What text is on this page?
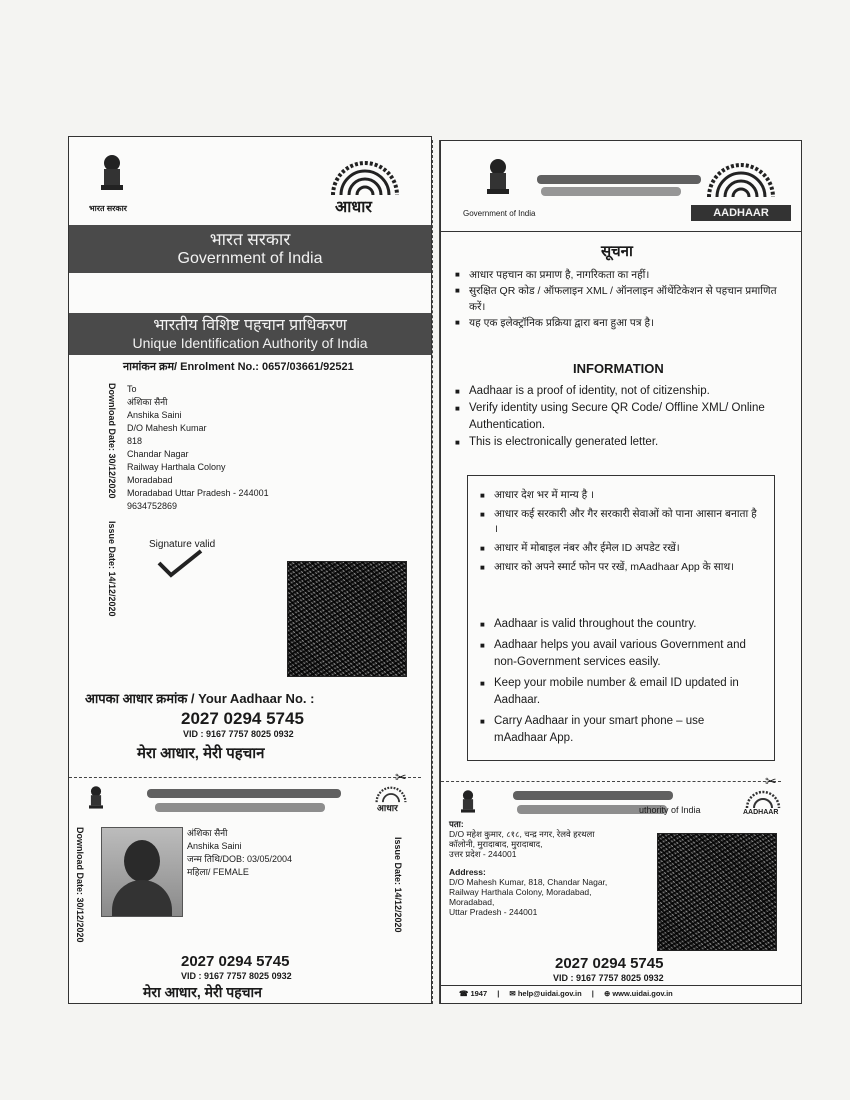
भारत सरकार	आधार
भारत सरकार
Government of India
भारतीय विशिष्ट पहचान प्राधिकरण
Unique Identification Authority of India
नामांकन क्रम/ Enrolment No.: 0657/03661/92521
Download Date: 30/12/2020
Issue Date: 14/12/2020
To
अंशिका सैनी
Anshika Saini
D/O Mahesh Kumar
818
Chandar Nagar
Railway Harthala Colony
Moradabad
Moradabad Uttar Pradesh - 244001
9634752869
Signature valid
आपका आधार क्रमांक / Your Aadhaar No. :
2027 0294 5745
VID : 9167 7757 8025 0932
मेरा आधार, मेरी पहचान
✂
आधार
Download Date: 30/12/2020	Issue Date: 14/12/2020
अंशिका सैनी
Anshika Saini
जन्म तिथि/DOB: 03/05/2004
महिला/ FEMALE
2027 0294 5745
VID : 9167 7757 8025 0932
मेरा आधार, मेरी पहचान
Government of India	AADHAAR
सूचना
■ आधार पहचान का प्रमाण है, नागरिकता का नहीं।
■ सुरक्षित QR कोड / ऑफलाइन XML / ऑनलाइन ऑथेंटिकेशन से पहचान प्रमाणित करें।
■ यह एक इलेक्ट्रॉनिक प्रक्रिया द्वारा बना हुआ पत्र है।
INFORMATION
■ Aadhaar is a proof of identity, not of citizenship.
■ Verify identity using Secure QR Code/ Offline XML/ Online Authentication.
■ This is electronically generated letter.
■ आधार देश भर में मान्य है ।
■ आधार कई सरकारी और गैर सरकारी सेवाओं को पाना आसान बनाता है ।
■ आधार में मोबाइल नंबर और ईमेल ID अपडेट रखें।
■ आधार को अपने स्मार्ट फोन पर रखें, mAadhaar App के साथ।
■ Aadhaar is valid throughout the country.
■ Aadhaar helps you avail various Government and non-Government services easily.
■ Keep your mobile number & email ID updated in Aadhaar.
■ Carry Aadhaar in your smart phone – use mAadhaar App.
✂
uthority of India	AADHAAR
पता:
D/O महेश कुमार, ८१८, चन्द्र नगर, रेलवे हरथला
कॉलोनी, मुरादाबाद, मुरादाबाद,
उत्तर प्रदेश - 244001
Address:
D/O Mahesh Kumar, 818, Chandar Nagar,
Railway Harthala Colony, Moradabad,
Moradabad,
Uttar Pradesh - 244001
2027 0294 5745
VID : 9167 7757 8025 0932
☎ 1947 | ✉ help@uidai.gov.in | ⊕ www.uidai.gov.in
